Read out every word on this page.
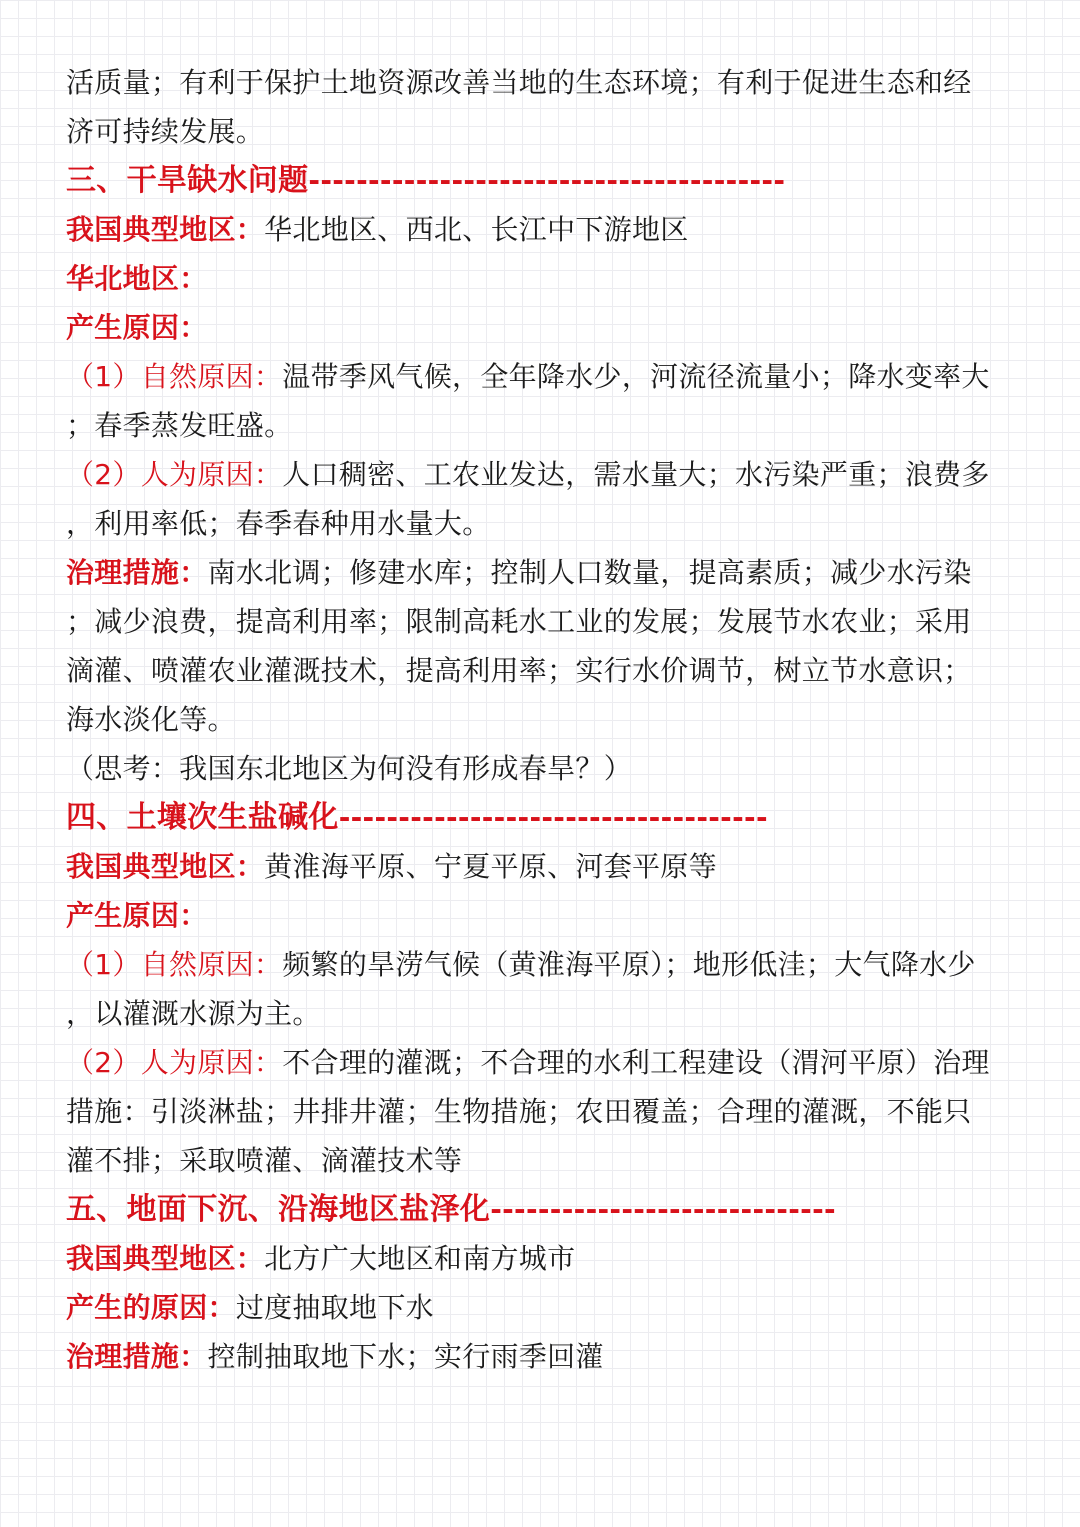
活质量；有利于保护土地资源改善当地的生态环境；有利于促进生态和经
济可持续发展。
三、干旱缺水问题----------------------------------------
我国典型地区：华北地区、西北、长江中下游地区
华北地区：
产生原因：
（1）自然原因：温带季风气候，全年降水少，河流径流量小；降水变率大
；春季蒸发旺盛。
（2）人为原因：人口稠密、工农业发达，需水量大；水污染严重；浪费多
，利用率低；春季春种用水量大。
治理措施：南水北调；修建水库；控制人口数量，提高素质；减少水污染
；减少浪费，提高利用率；限制高耗水工业的发展；发展节水农业；采用
滴灌、喷灌农业灌溉技术，提高利用率；实行水价调节，树立节水意识；
海水淡化等。
（思考：我国东北地区为何没有形成春旱？）
四、土壤次生盐碱化------------------------------------
我国典型地区：黄淮海平原、宁夏平原、河套平原等
产生原因：
（1）自然原因：频繁的旱涝气候（黄淮海平原）；地形低洼；大气降水少
，以灌溉水源为主。
（2）人为原因：不合理的灌溉；不合理的水利工程建设（渭河平原）治理
措施：引淡淋盐；井排井灌；生物措施；农田覆盖；合理的灌溉，不能只
灌不排；采取喷灌、滴灌技术等
五、地面下沉、沿海地区盐泽化-----------------------------
我国典型地区：北方广大地区和南方城市
产生的原因：过度抽取地下水
治理措施：控制抽取地下水；实行雨季回灌
